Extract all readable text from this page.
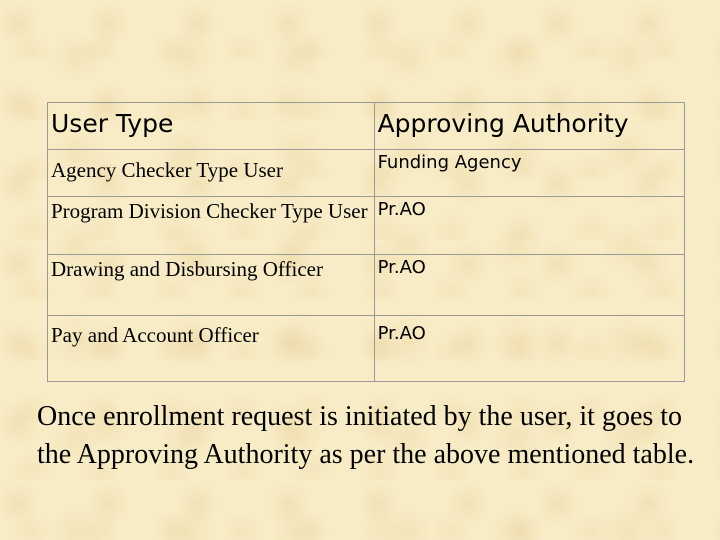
User Type	Approving Authority
Agency Checker Type User	Funding Agency
Program Division Checker Type User	Pr.AO
Drawing and Disbursing Officer	Pr.AO
Pay and Account Officer	Pr.AO

Once enrollment request is initiated by the user, it goes to the Approving Authority as per the above mentioned table.
